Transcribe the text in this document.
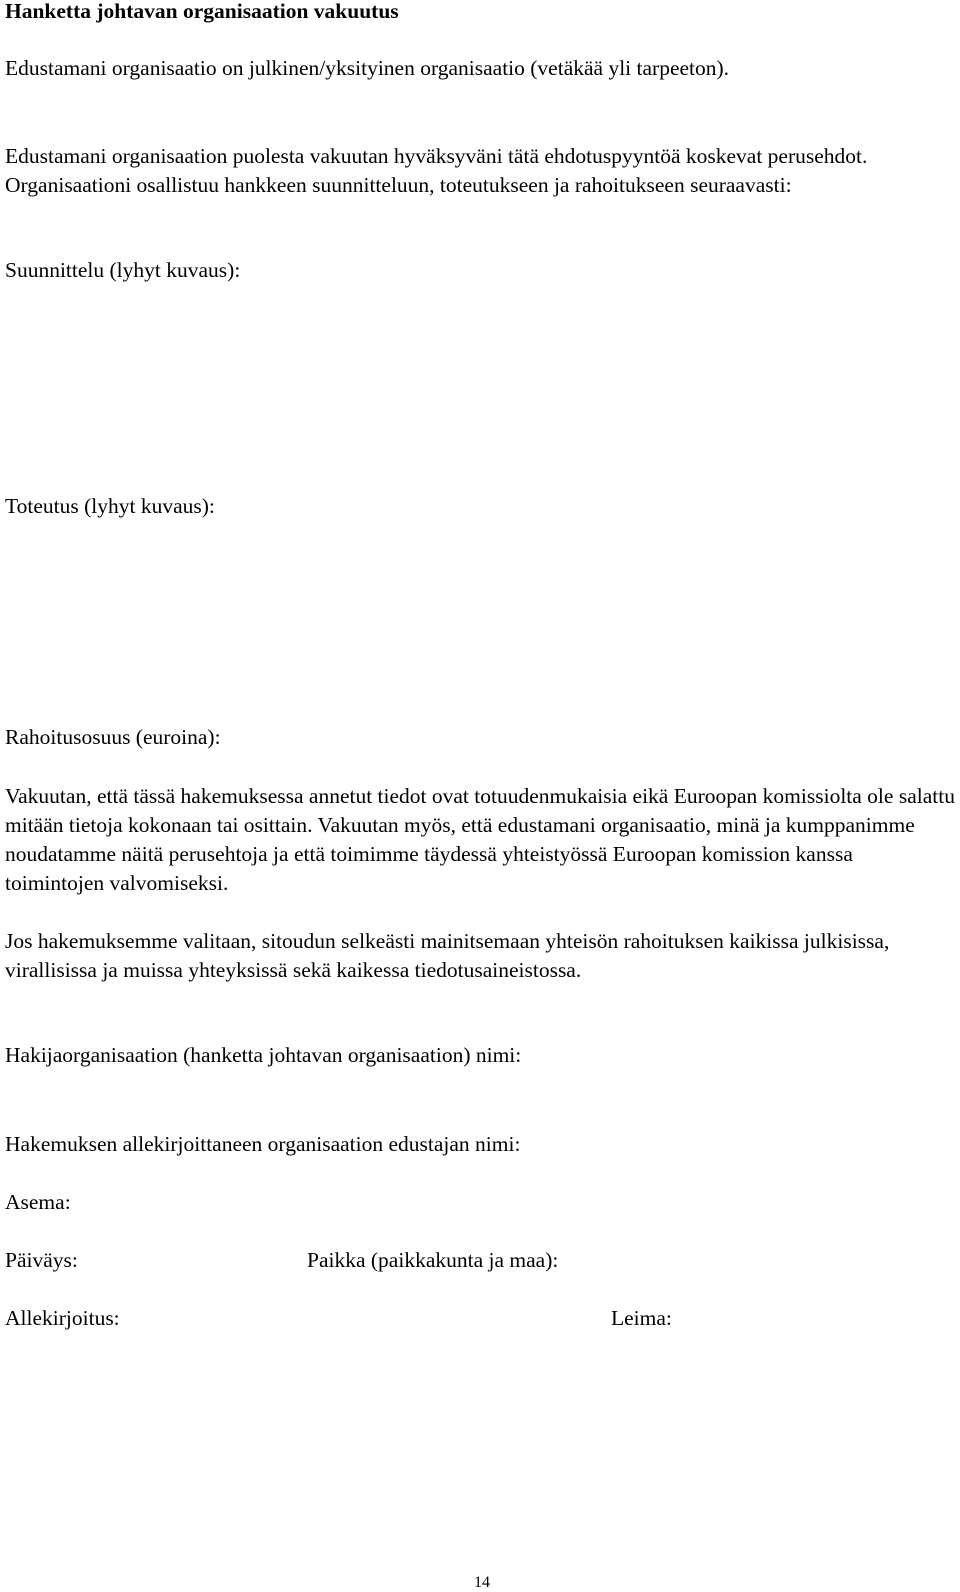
Hanketta johtavan organisaation vakuutus

Edustamani organisaatio on julkinen/yksityinen organisaatio (vetäkää yli tarpeeton).

Edustamani organisaation puolesta vakuutan hyväksyväni tätä ehdotuspyyntöä koskevat perusehdot. Organisaationi osallistuu hankkeen suunnitteluun, toteutukseen ja rahoitukseen seuraavasti:

Suunnittelu (lyhyt kuvaus):

Toteutus (lyhyt kuvaus):

Rahoitusosuus (euroina):

Vakuutan, että tässä hakemuksessa annetut tiedot ovat totuudenmukaisia eikä Euroopan komissiolta ole salattu mitään tietoja kokonaan tai osittain. Vakuutan myös, että edustamani organisaatio, minä ja kumppanimme noudatamme näitä perusehtoja ja että toimimme täydessä yhteistyössä Euroopan komission kanssa toimintojen valvomiseksi.

Jos hakemuksemme valitaan, sitoudun selkeästi mainitsemaan yhteisön rahoituksen kaikissa julkisissa, virallisissa ja muissa yhteyksissä sekä kaikessa tiedotusaineistossa.

Hakijaorganisaation (hanketta johtavan organisaation) nimi:

Hakemuksen allekirjoittaneen organisaation edustajan nimi:

Asema:

Päiväys:	Paikka (paikkakunta ja maa):

Allekirjoitus:	Leima:

14
